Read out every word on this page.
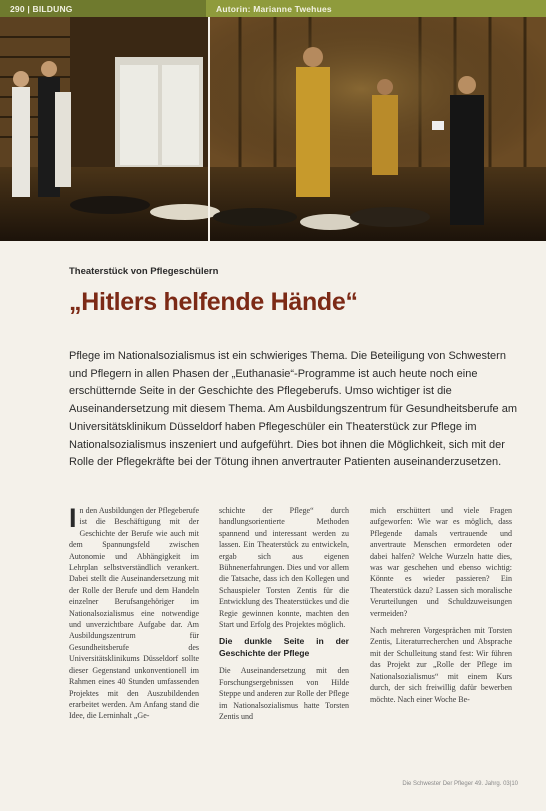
290 | BILDUNG	Autorin: Marianne Twehues
Theaterstück von Pflegeschülern
„Hitlers helfende Hände“

Pflege im Nationalsozialismus ist ein schwieriges Thema. Die Beteiligung von Schwestern und Pflegern in allen Phasen der „Euthanasie“-Programme ist auch heute noch eine erschütternde Seite in der Geschichte des Pflegeberufs. Umso wichtiger ist die Auseinandersetzung mit diesem Thema. Am Ausbildungszentrum für Gesundheitsberufe am Universitätsklinikum Düsseldorf haben Pflegeschüler ein Theaterstück zur Pflege im Nationalsozialismus inszeniert und aufgeführt. Dies bot ihnen die Möglichkeit, sich mit der Rolle der Pflegekräfte bei der Tötung ihnen anvertrauter Patienten auseinanderzusetzen.

In den Ausbildungen der Pflegeberufe ist die Beschäftigung mit der Geschichte der Berufe wie auch mit dem Spannungsfeld zwischen Autonomie und Abhängigkeit im Lehrplan selbstverständlich verankert. Dabei stellt die Auseinandersetzung mit der Rolle der Berufe und dem Handeln einzelner Berufsangehöriger im Nationalsozialismus eine notwendige und unverzichtbare Aufgabe dar. Am Ausbildungszentrum für Gesundheitsberufe des Universitätsklinikums Düsseldorf sollte dieser Gegenstand unkonventionell im Rahmen eines 40 Stunden umfassenden Projektes mit den Auszubildenden erarbeitet werden. Am Anfang stand die Idee, die Lerninhalt „Ge-

schichte der Pflege“ durch handlungsorientierte Methoden spannend und interessant werden zu lassen. Ein Theaterstück zu entwickeln, ergab sich aus eigenen Bühnenerfahrungen. Dies und vor allem die Tatsache, dass ich den Kollegen und Schauspieler Torsten Zentis für die Entwicklung des Theaterstückes und die Regie gewinnen konnte, machten den Start und Erfolg des Projektes möglich.

Die dunkle Seite in der Geschichte der Pflege

Die Auseinandersetzung mit den Forschungsergebnissen von Hilde Steppe und anderen zur Rolle der Pflege im Nationalsozialismus hatte Torsten Zentis und

mich erschüttert und viele Fragen aufgeworfen: Wie war es möglich, dass Pflegende damals vertrauende und anvertraute Menschen ermordeten oder dabei halfen? Welche Wurzeln hatte dies, was war geschehen und ebenso wichtig: Könnte es wieder passieren? Ein Theaterstück dazu? Lassen sich moralische Verurteilungen und Schuldzuweisungen vermeiden?

Nach mehreren Vorgesprächen mit Torsten Zentis, Literaturrecherchen und Absprache mit der Schulleitung stand fest: Wir führen das Projekt zur „Rolle der Pflege im Nationalsozialismus“ mit einem Kurs durch, der sich freiwillig dafür bewerben möchte. Nach einer Woche Be-

Die Schwester Der Pfleger 49. Jahrg. 03|10
